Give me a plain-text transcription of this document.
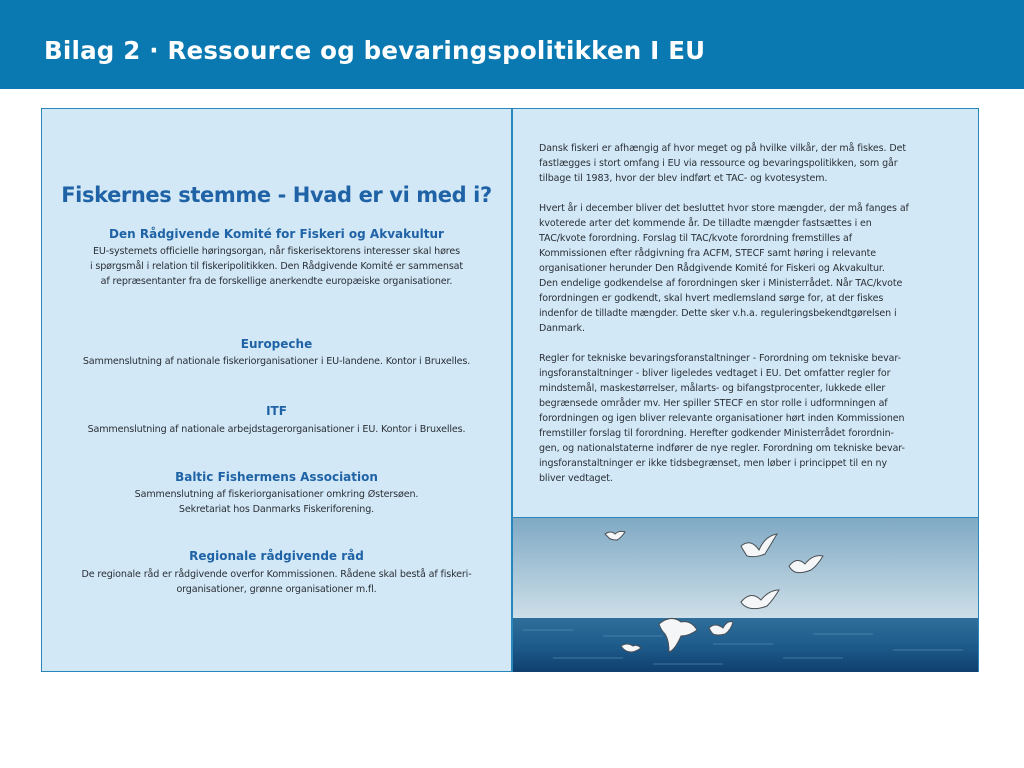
Bilag 2 · Ressource og bevaringspolitikken I EU
Fiskernes stemme - Hvad er vi med i?
Den Rådgivende Komité for Fiskeri og Akvakultur
EU-systemets officielle høringsorgan, når fiskerisektorens interesser skal høres
i spørgsmål i relation til fiskeripolitikken. Den Rådgivende Komité er sammensat
af repræsentanter fra de forskellige anerkendte europæiske organisationer.
Europeche
Sammenslutning af nationale fiskeriorganisationer i EU-landene. Kontor i Bruxelles.
ITF
Sammenslutning af nationale arbejdstagerorganisationer i EU. Kontor i Bruxelles.
Baltic Fishermens Association
Sammenslutning af fiskeriorganisationer omkring Østersøen.
Sekretariat hos Danmarks Fiskeriforening.
Regionale rådgivende råd
De regionale råd er rådgivende overfor Kommissionen. Rådene skal bestå af fiskeri-
organisationer, grønne organisationer m.fl.

Dansk fiskeri er afhængig af hvor meget og på hvilke vilkår, der må fiskes. Det
fastlægges i stort omfang i EU via ressource og bevaringspolitikken, som går
tilbage til 1983, hvor der blev indført et TAC- og kvotesystem.

Hvert år i december bliver det besluttet hvor store mængder, der må fanges af
kvoterede arter det kommende år. De tilladte mængder fastsættes i en
TAC/kvote forordning. Forslag til TAC/kvote forordning fremstilles af
Kommissionen efter rådgivning fra ACFM, STECF samt høring i relevante
organisationer herunder Den Rådgivende Komité for Fiskeri og Akvakultur.
Den endelige godkendelse af forordningen sker i Ministerrådet. Når TAC/kvote
forordningen er godkendt, skal hvert medlemsland sørge for, at der fiskes
indenfor de tilladte mængder. Dette sker v.h.a. reguleringsbekendtgørelsen i
Danmark.

Regler for tekniske bevaringsforanstaltninger - Forordning om tekniske bevar-
ingsforanstaltninger - bliver ligeledes vedtaget i EU. Det omfatter regler for
mindstemål, maskestørrelser, målarts- og bifangstprocenter, lukkede eller
begrænsede områder mv. Her spiller STECF en stor rolle i udformningen af
forordningen og igen bliver relevante organisationer hørt inden Kommissionen
fremstiller forslag til forordning. Herefter godkender Ministerrådet forordnin-
gen, og nationalstaterne indfører de nye regler. Forordning om tekniske bevar-
ingsforanstaltninger er ikke tidsbegrænset, men løber i princippet til en ny
bliver vedtaget.
